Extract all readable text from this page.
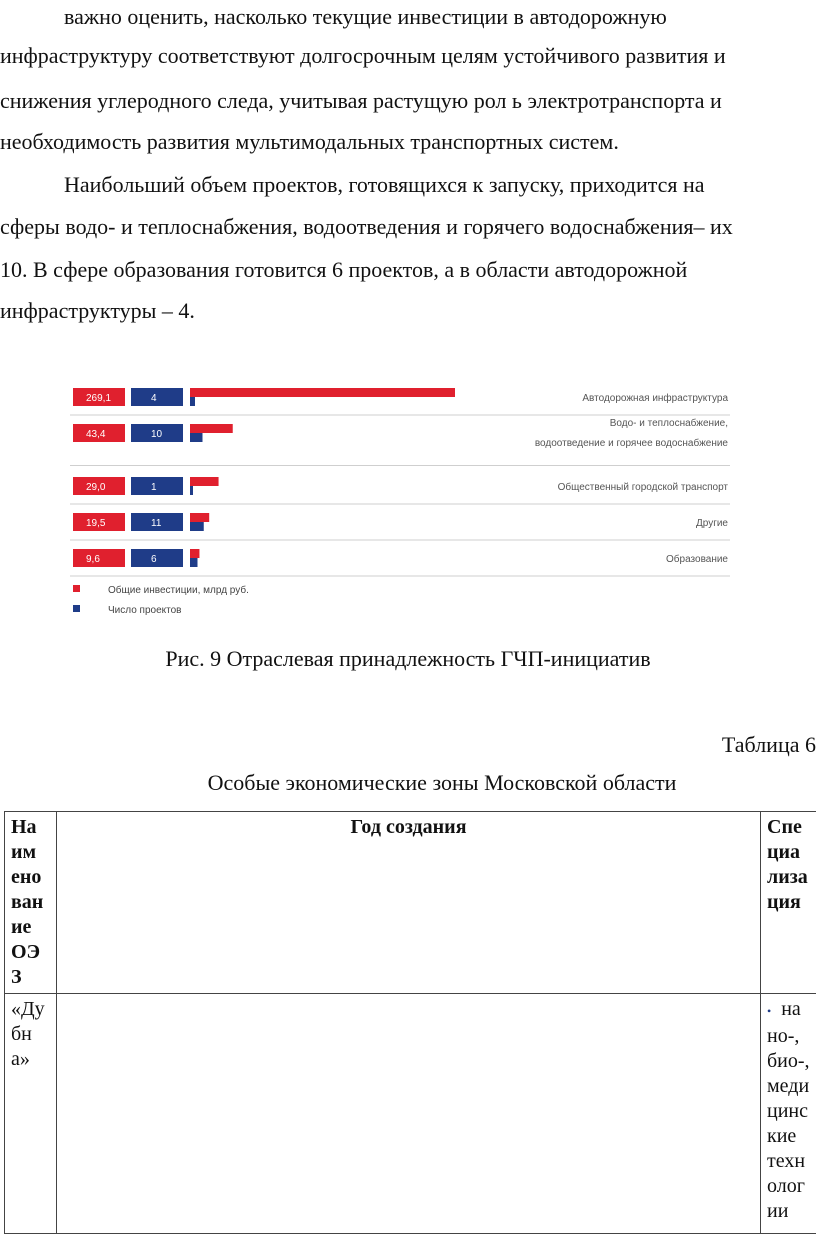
важно оценить, насколько текущие инвестиции в автодорожную
инфраструктуру соответствуют долгосрочным целям устойчивого развития и
снижения углеродного следа, учитывая растущую рол ь электротранспорта и
необходимость развития мультимодальных транспортных систем.
Наибольший объем проектов, готовящихся к запуску, приходится на
сферы водо- и теплоснабжения, водоотведения и горячего водоснабжения– их
10. В сфере образования готовится 6 проектов, а в области автодорожной
инфраструктуры – 4.
269,1	4	Автодорожная инфраструктура
43,4	10
Водо- и теплоснабжение,
водоотведение и горячее водоснабжение
29,0	1	Общественный городской транспорт
19,5	11	Другие
9,6	6	Образование
Общие инвестиции, млрд руб.
Число проектов
Рис. 9 Отраслевая принадлежность ГЧП-инициатив
Таблица 6
Особые экономические зоны Московской области
На им ено ван ие ОЭ З	Год создания	Спе циа лиза ция
«Дубна»		• нано-, био-, медицинские технологии
